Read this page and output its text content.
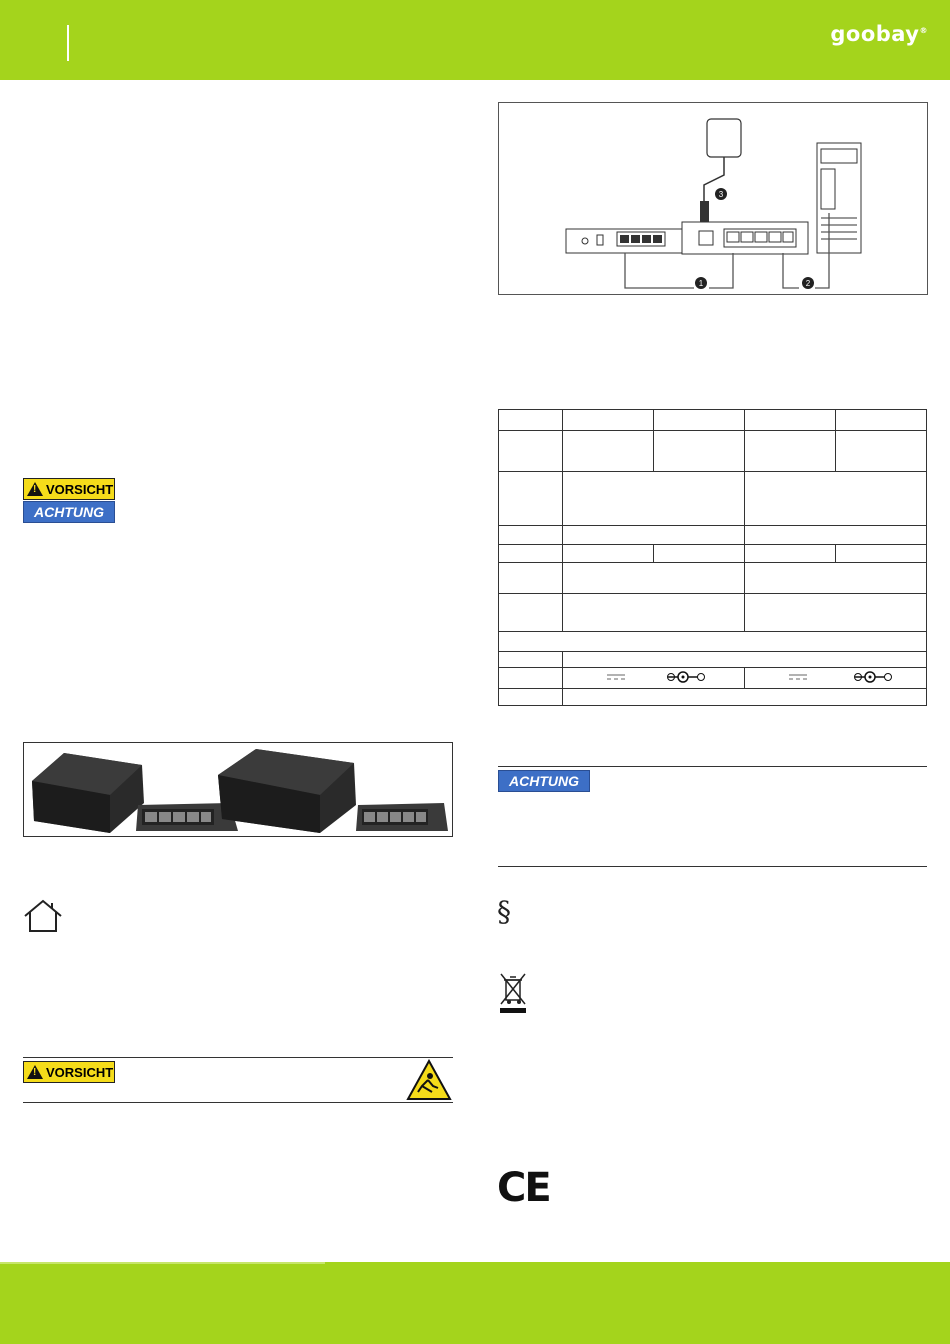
goobay®
1	2
3
!
VORSICHT
ACHTUNG
!
VORSICHT

ACHTUNG
§
CE
